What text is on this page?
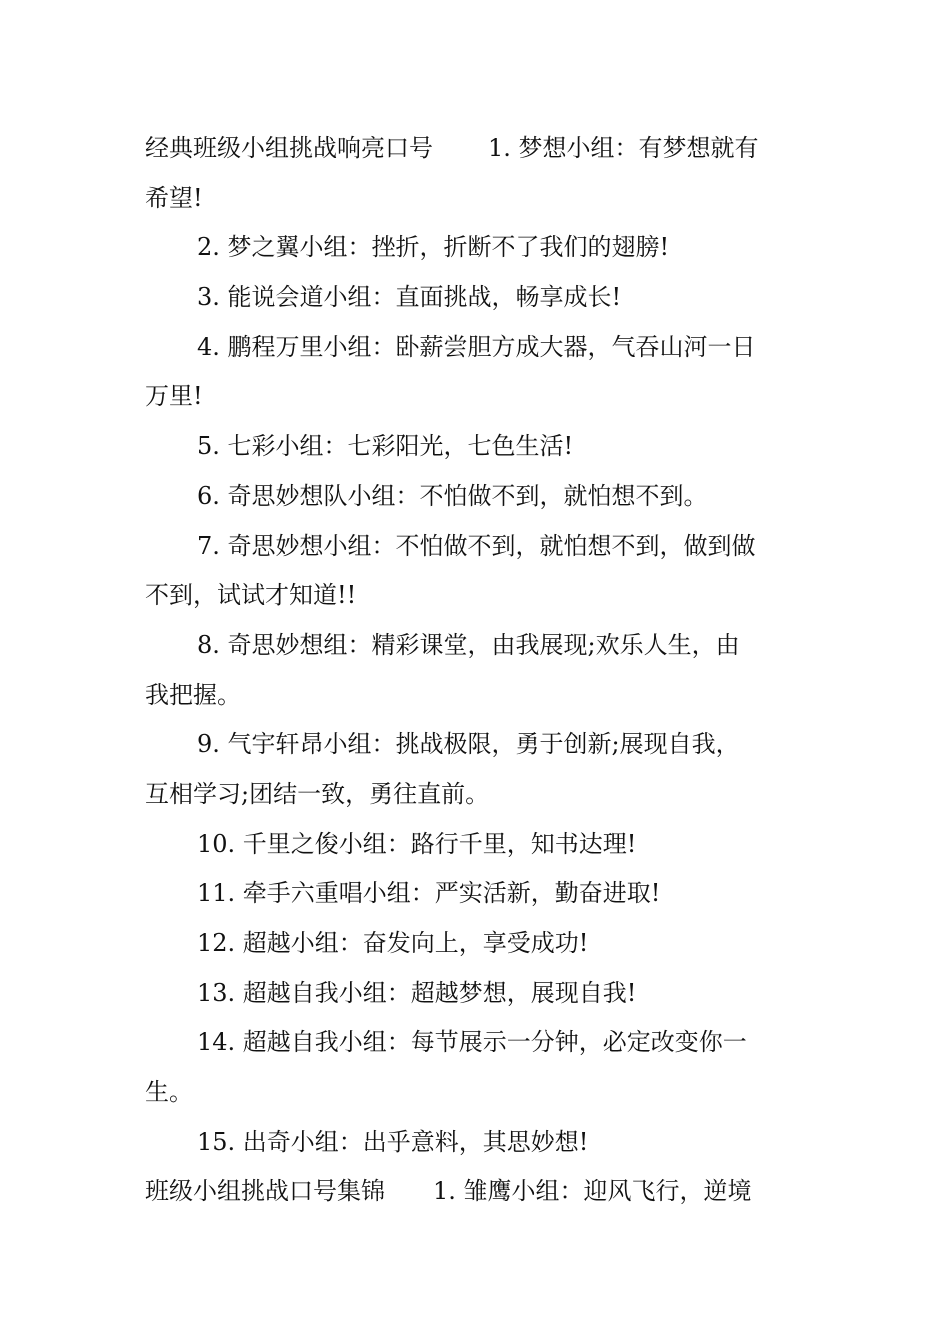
经典班级小组挑战响亮口号 1. 梦想小组：有梦想就有
希望!
2. 梦之翼小组：挫折，折断不了我们的翅膀!
3. 能说会道小组：直面挑战，畅享成长!
4. 鹏程万里小组：卧薪尝胆方成大器，气吞山河一日
万里!
5. 七彩小组：七彩阳光，七色生活!
6. 奇思妙想队小组：不怕做不到，就怕想不到。
7. 奇思妙想小组：不怕做不到，就怕想不到，做到做
不到，试试才知道!!
8. 奇思妙想组：精彩课堂，由我展现;欢乐人生，由
我把握。
9. 气宇轩昂小组：挑战极限，勇于创新;展现自我，
互相学习;团结一致，勇往直前。
10. 千里之俊小组：路行千里，知书达理!
11. 牵手六重唱小组：严实活新，勤奋进取!
12. 超越小组：奋发向上，享受成功!
13. 超越自我小组：超越梦想，展现自我!
14. 超越自我小组：每节展示一分钟，必定改变你一
生。
15. 出奇小组：出乎意料，其思妙想!
班级小组挑战口号集锦 1. 雏鹰小组：迎风飞行，逆境
